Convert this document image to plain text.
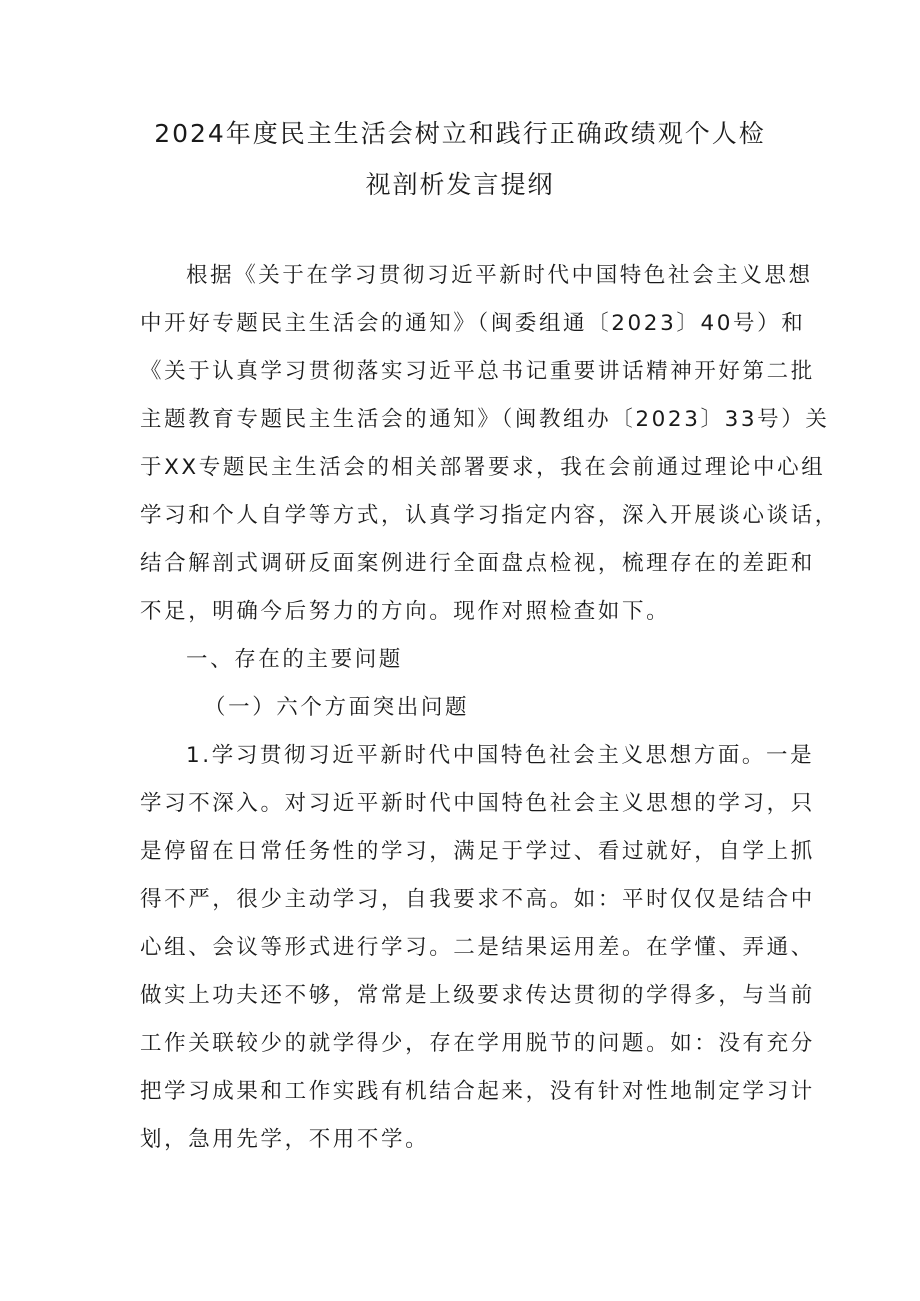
2024年度民主生活会树立和践行正确政绩观个人检
视剖析发言提纲
根据《关于在学习贯彻习近平新时代中国特色社会主义思想
中开好专题民主生活会的通知》（闽委组通〔2023〕40号）和
《关于认真学习贯彻落实习近平总书记重要讲话精神开好第二批
主题教育专题民主生活会的通知》（闽教组办〔2023〕33号）关
于XX专题民主生活会的相关部署要求，我在会前通过理论中心组
学习和个人自学等方式，认真学习指定内容，深入开展谈心谈话，
结合解剖式调研反面案例进行全面盘点检视，梳理存在的差距和
不足，明确今后努力的方向。现作对照检查如下。
一、存在的主要问题
（一）六个方面突出问题
1.学习贯彻习近平新时代中国特色社会主义思想方面。一是
学习不深入。对习近平新时代中国特色社会主义思想的学习，只
是停留在日常任务性的学习，满足于学过、看过就好，自学上抓
得不严，很少主动学习，自我要求不高。如：平时仅仅是结合中
心组、会议等形式进行学习。二是结果运用差。在学懂、弄通、
做实上功夫还不够，常常是上级要求传达贯彻的学得多，与当前
工作关联较少的就学得少，存在学用脱节的问题。如：没有充分
把学习成果和工作实践有机结合起来，没有针对性地制定学习计
划，急用先学，不用不学。
